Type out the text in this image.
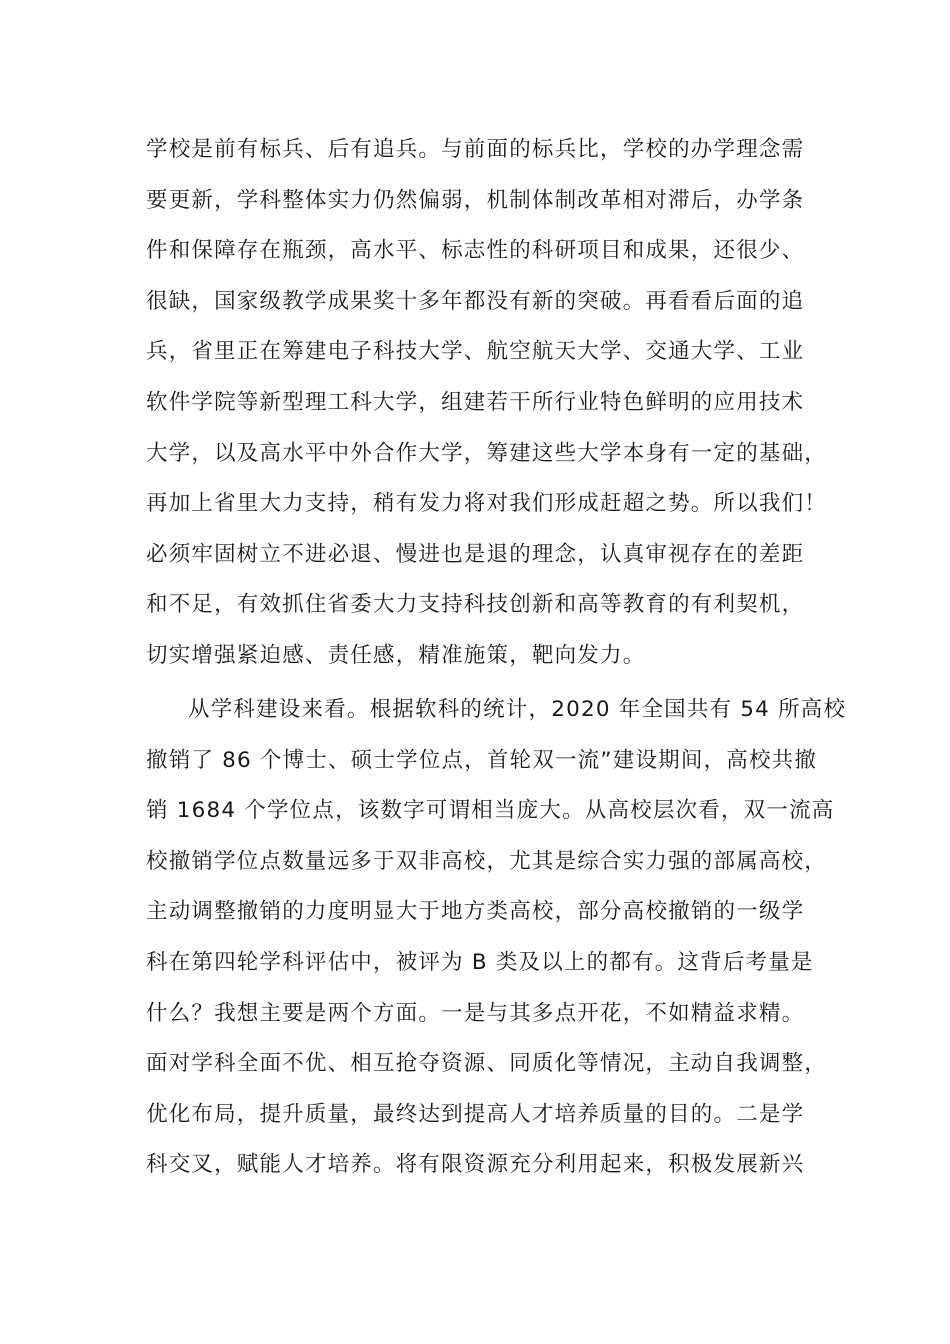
学校是前有标兵、后有追兵。与前面的标兵比，学校的办学理念需
要更新，学科整体实力仍然偏弱，机制体制改革相对滞后，办学条
件和保障存在瓶颈，高水平、标志性的科研项目和成果，还很少、
很缺，国家级教学成果奖十多年都没有新的突破。再看看后面的追
兵，省里正在筹建电子科技大学、航空航天大学、交通大学、工业
软件学院等新型理工科大学，组建若干所行业特色鲜明的应用技术
大学，以及高水平中外合作大学，筹建这些大学本身有一定的基础，
再加上省里大力支持，稍有发力将对我们形成赶超之势。所以我们！
必须牢固树立不进必退、慢进也是退的理念，认真审视存在的差距
和不足，有效抓住省委大力支持科技创新和高等教育的有利契机，
切实增强紧迫感、责任感，精准施策，靶向发力。
从学科建设来看。根据软科的统计，2020 年全国共有 54 所高校
撤销了 86 个博士、硕士学位点，首轮双一流”建设期间，高校共撤
销 1684 个学位点，该数字可谓相当庞大。从高校层次看，双一流高
校撤销学位点数量远多于双非高校，尤其是综合实力强的部属高校，
主动调整撤销的力度明显大于地方类高校，部分高校撤销的一级学
科在第四轮学科评估中，被评为 B 类及以上的都有。这背后考量是
什么？我想主要是两个方面。一是与其多点开花，不如精益求精。
面对学科全面不优、相互抢夺资源、同质化等情况，主动自我调整，
优化布局，提升质量，最终达到提高人才培养质量的目的。二是学
科交叉，赋能人才培养。将有限资源充分利用起来，积极发展新兴
